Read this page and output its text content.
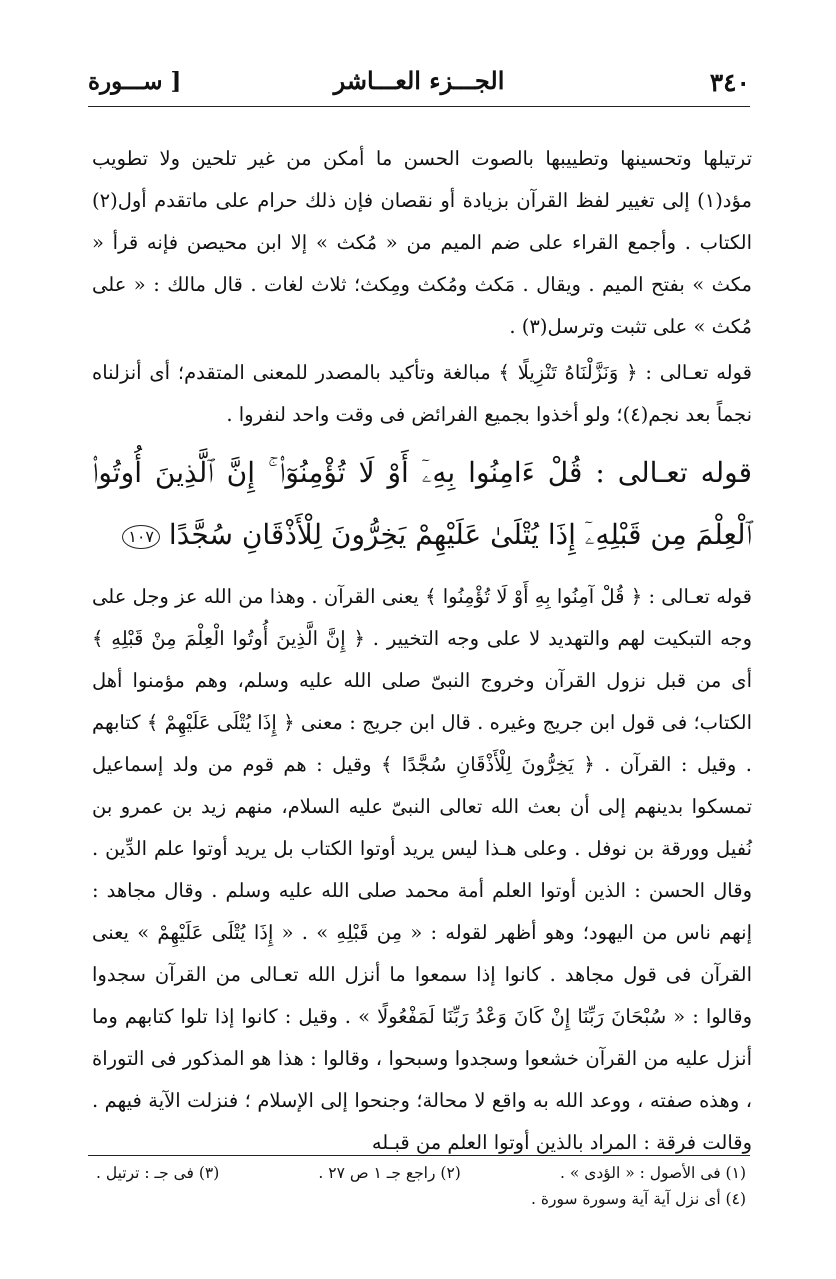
٣٤٠
الجـــزء العـــاشر
[ ســـورة

ترتيلها وتحسينها وتطييبها بالصوت الحسن ما أمكن من غير تلحين ولا تطويب مؤد(١) إلى تغيير لفظ القرآن بزيادة أو نقصان فإن ذلك حرام على ماتقدم أول(٢) الكتاب . وأجمع القراء على ضم الميم من « مُكث » إلا ابن محيصن فإنه قرأ « مكث » بفتح الميم . ويقال . مَكث ومُكث ومِكث؛ ثلاث لغات . قال مالك : « على مُكث » على تثبت وترسل(٣) .

قوله تعـالى : ﴿ وَنَزَّلْنَاهُ تَنْزِيلًا ﴾ مبالغة وتأكيد بالمصدر للمعنى المتقدم؛ أى أنزلناه نجماً بعد نجم(٤)؛ ولو أخذوا بجميع الفرائض فى وقت واحد لنفروا .

قوله تعـالى : قُلْ ءَامِنُوا بِهِۦٓ أَوْ لَا تُؤْمِنُوٓا۟ ۚ إِنَّ ٱلَّذِينَ أُوتُوا۟ ٱلْعِلْمَ مِن قَبْلِهِۦٓ إِذَا يُتْلَىٰ عَلَيْهِمْ يَخِرُّونَ لِلْأَذْقَانِ سُجَّدًا ١٠٧

قوله تعـالى : ﴿ قُلْ آمِنُوا بِهِ أَوْ لَا تُؤْمِنُوا ﴾ يعنى القرآن . وهذا من الله عز وجل على وجه التبكيت لهم والتهديد لا على وجه التخيير . ﴿ إِنَّ الَّذِينَ أُوتُوا الْعِلْمَ مِنْ قَبْلِهِ ﴾ أى من قبل نزول القرآن وخروج النبىّ صلى الله عليه وسلم، وهم مؤمنوا أهل الكتاب؛ فى قول ابن جريج وغيره . قال ابن جريج : معنى ﴿ إِذَا يُتْلَى عَلَيْهِمْ ﴾ كتابهم . وقيل : القرآن . ﴿ يَخِرُّونَ لِلْأَذْقَانِ سُجَّدًا ﴾ وقيل : هم قوم من ولد إسماعيل تمسكوا بدينهم إلى أن بعث الله تعالى النبىّ عليه السلام، منهم زيد بن عمرو بن نُفيل وورقة بن نوفل . وعلى هـذا ليس يريد أوتوا الكتاب بل يريد أوتوا علم الدِّين . وقال الحسن : الذين أوتوا العلم أمة محمد صلى الله عليه وسلم . وقال مجاهد : إنهم ناس من اليهود؛ وهو أظهر لقوله : « مِن قَبْلِهِ » . « إِذَا يُتْلَى عَلَيْهِمْ » يعنى القرآن فى قول مجاهد . كانوا إذا سمعوا ما أنزل الله تعـالى من القرآن سجدوا وقالوا : « سُبْحَانَ رَبِّنَا إِنْ كَانَ وَعْدُ رَبِّنَا لَمَفْعُولًا » . وقيل : كانوا إذا تلوا كتابهم وما أنزل عليه من القرآن خشعوا وسجدوا وسبحوا ، وقالوا : هذا هو المذكور فى التوراة ، وهذه صفته ، ووعد الله به واقع لا محالة؛ وجنحوا إلى الإسلام ؛ فنزلت الآية فيهم . وقالت فرقة : المراد بالذين أوتوا العلم من قبـله

(١) فى الأصول : « الؤدى » .
(٢) راجع جـ ١ ص ٢٧ .
(٣) فى جـ : ترتيل .
(٤) أى نزل آية آية وسورة سورة .
